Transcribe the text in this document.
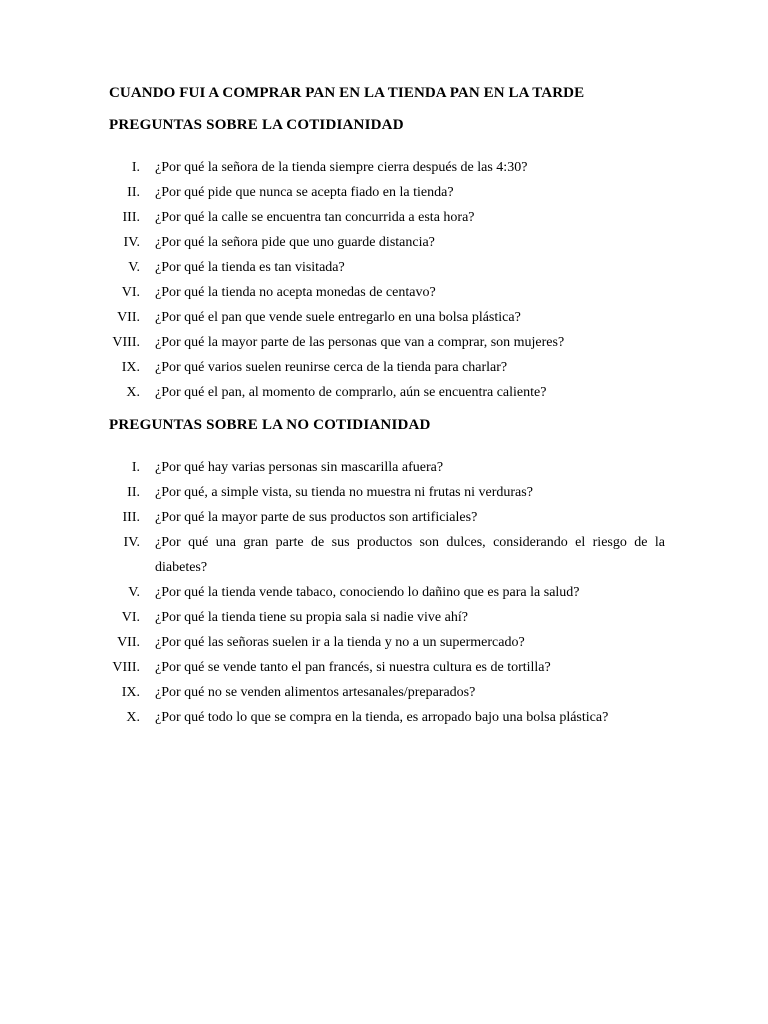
CUANDO FUI A COMPRAR PAN EN LA TIENDA PAN EN LA TARDE
PREGUNTAS SOBRE LA COTIDIANIDAD
I. ¿Por qué la señora de la tienda siempre cierra después de las 4:30?
II. ¿Por qué pide que nunca se acepta fiado en la tienda?
III. ¿Por qué la calle se encuentra tan concurrida a esta hora?
IV. ¿Por qué la señora pide que uno guarde distancia?
V. ¿Por qué la tienda es tan visitada?
VI. ¿Por qué la tienda no acepta monedas de centavo?
VII. ¿Por qué el pan que vende suele entregarlo en una bolsa plástica?
VIII. ¿Por qué la mayor parte de las personas que van a comprar, son mujeres?
IX. ¿Por qué varios suelen reunirse cerca de la tienda para charlar?
X. ¿Por qué el pan, al momento de comprarlo, aún se encuentra caliente?
PREGUNTAS SOBRE LA NO COTIDIANIDAD
I. ¿Por qué hay varias personas sin mascarilla afuera?
II. ¿Por qué, a simple vista, su tienda no muestra ni frutas ni verduras?
III. ¿Por qué la mayor parte de sus productos son artificiales?
IV. ¿Por qué una gran parte de sus productos son dulces, considerando el riesgo de la diabetes?
V. ¿Por qué la tienda vende tabaco, conociendo lo dañino que es para la salud?
VI. ¿Por qué la tienda tiene su propia sala si nadie vive ahí?
VII. ¿Por qué las señoras suelen ir a la tienda y no a un supermercado?
VIII. ¿Por qué se vende tanto el pan francés, si nuestra cultura es de tortilla?
IX. ¿Por qué no se venden alimentos artesanales/preparados?
X. ¿Por qué todo lo que se compra en la tienda, es arropado bajo una bolsa plástica?
